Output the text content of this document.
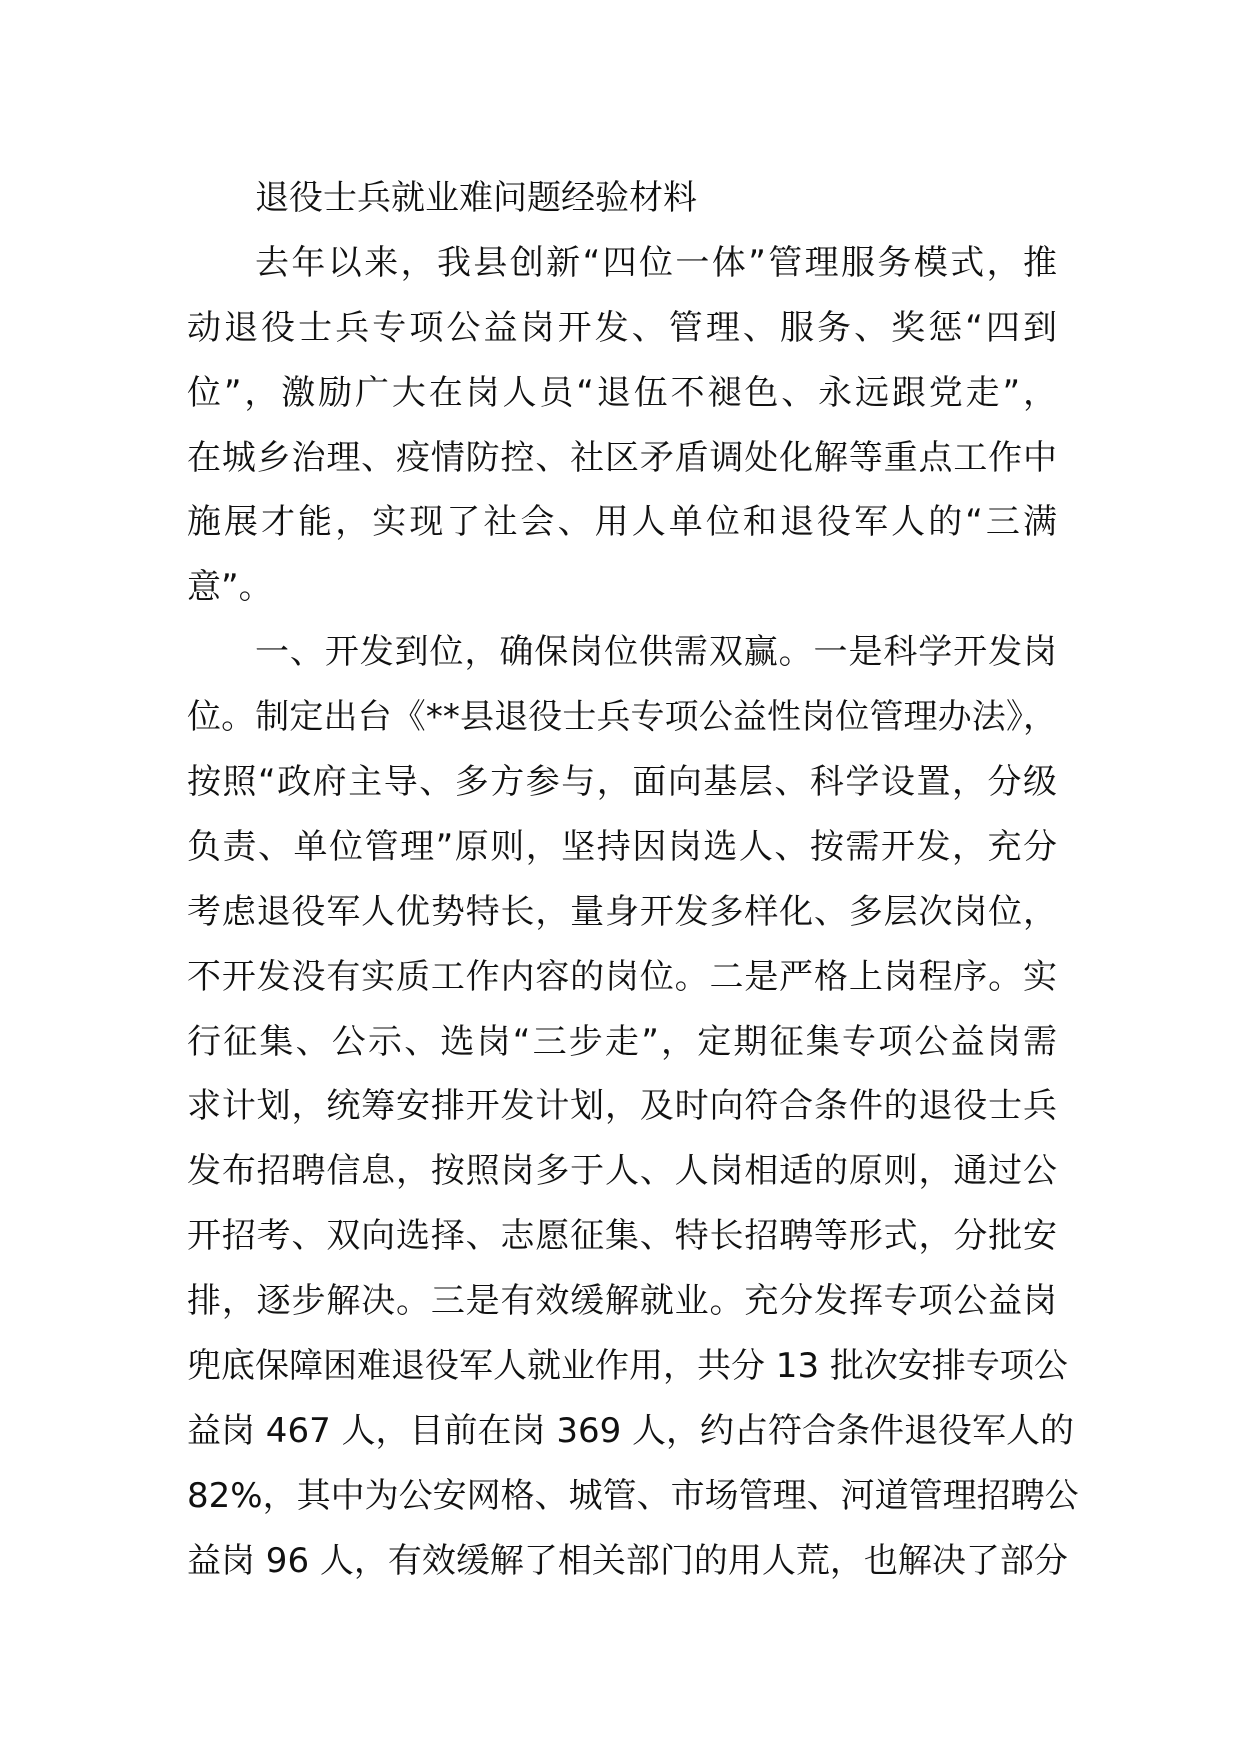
退役士兵就业难问题经验材料
去年以来，我县创新“四位一体”管理服务模式，推
动退役士兵专项公益岗开发、管理、服务、奖惩“四到
位”，激励广大在岗人员“退伍不褪色、永远跟党走”，
在城乡治理、疫情防控、社区矛盾调处化解等重点工作中
施展才能，实现了社会、用人单位和退役军人的“三满
意”。
一、开发到位，确保岗位供需双赢。一是科学开发岗
位。制定出台《**县退役士兵专项公益性岗位管理办法》，
按照“政府主导、多方参与，面向基层、科学设置，分级
负责、单位管理”原则，坚持因岗选人、按需开发，充分
考虑退役军人优势特长，量身开发多样化、多层次岗位，
不开发没有实质工作内容的岗位。二是严格上岗程序。实
行征集、公示、选岗“三步走”，定期征集专项公益岗需
求计划，统筹安排开发计划，及时向符合条件的退役士兵
发布招聘信息，按照岗多于人、人岗相适的原则，通过公
开招考、双向选择、志愿征集、特长招聘等形式，分批安
排，逐步解决。三是有效缓解就业。充分发挥专项公益岗
兜底保障困难退役军人就业作用，共分 13 批次安排专项公
益岗 467 人，目前在岗 369 人，约占符合条件退役军人的
82%，其中为公安网格、城管、市场管理、河道管理招聘公
益岗 96 人，有效缓解了相关部门的用人荒，也解决了部分
